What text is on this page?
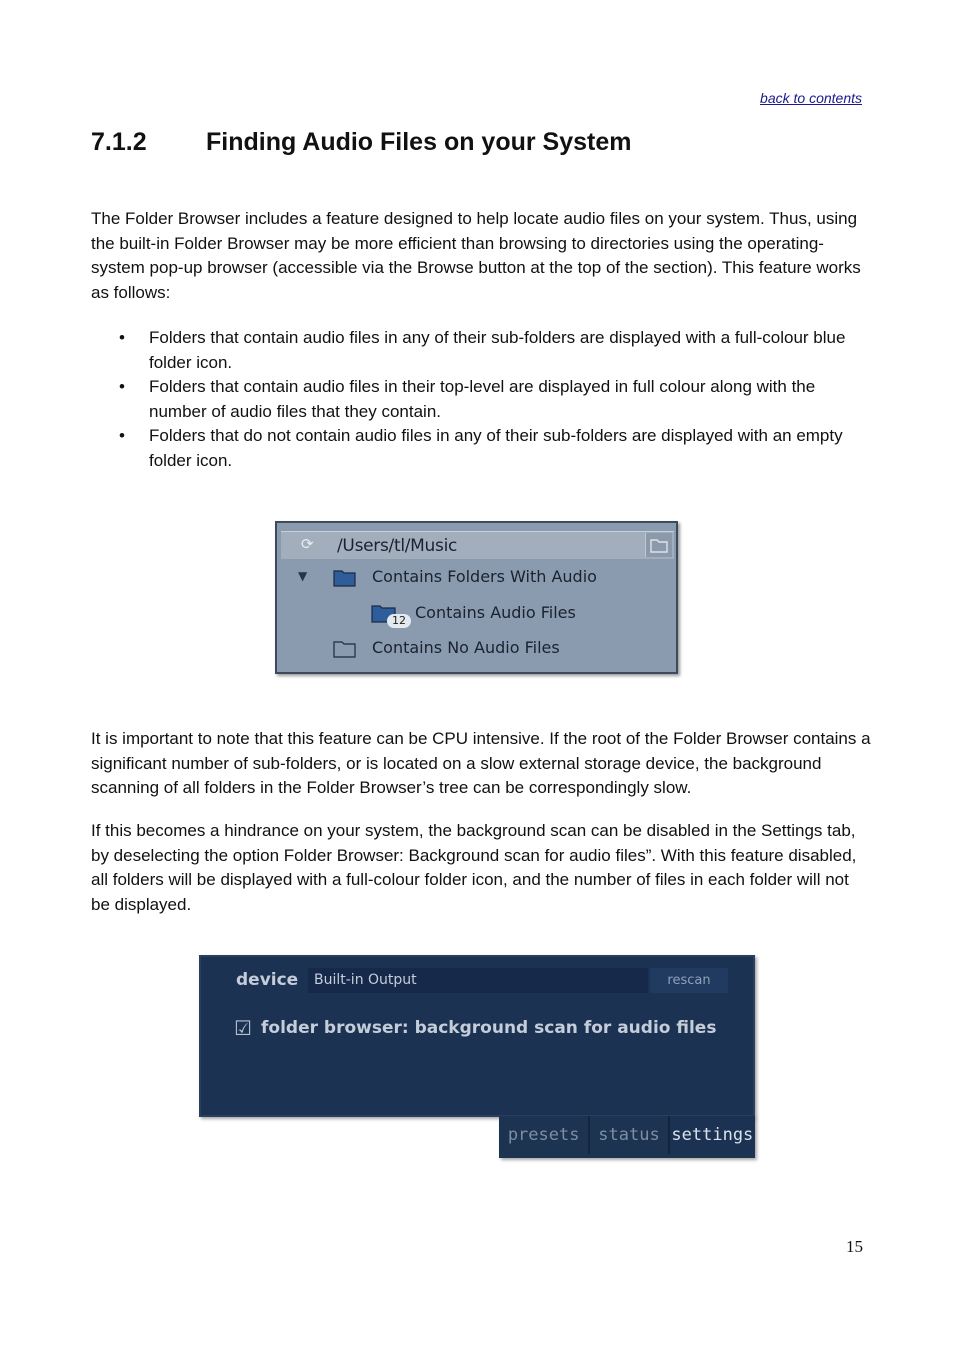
back to contents
7.1.2 Finding Audio Files on your System

The Folder Browser includes a feature designed to help locate audio files on your system. Thus, using the built-in Folder Browser may be more efficient than browsing to directories using the operating-system pop-up browser (accessible via the Browse button at the top of the section). This feature works as follows:

• Folders that contain audio files in any of their sub-folders are displayed with a full-colour blue folder icon.
• Folders that contain audio files in their top-level are displayed in full colour along with the number of audio files that they contain.
• Folders that do not contain audio files in any of their sub-folders are displayed with an empty folder icon.
⟳ /Users/tl/Music
▼	Contains Folders With Audio
12 Contains Audio Files
Contains No Audio Files

It is important to note that this feature can be CPU intensive. If the root of the Folder Browser contains a significant number of sub-folders, or is located on a slow external storage device, the background scanning of all folders in the Folder Browser’s tree can be correspondingly slow.

If this becomes a hindrance on your system, the background scan can be disabled in the Settings tab, by deselecting the option Folder Browser: Background scan for audio files”. With this feature disabled, all folders will be displayed with a full-colour folder icon, and the number of files in each folder will not be displayed.

device	Built-in Output	rescan
☑ folder browser: background scan for audio files
presets	status settings
15
